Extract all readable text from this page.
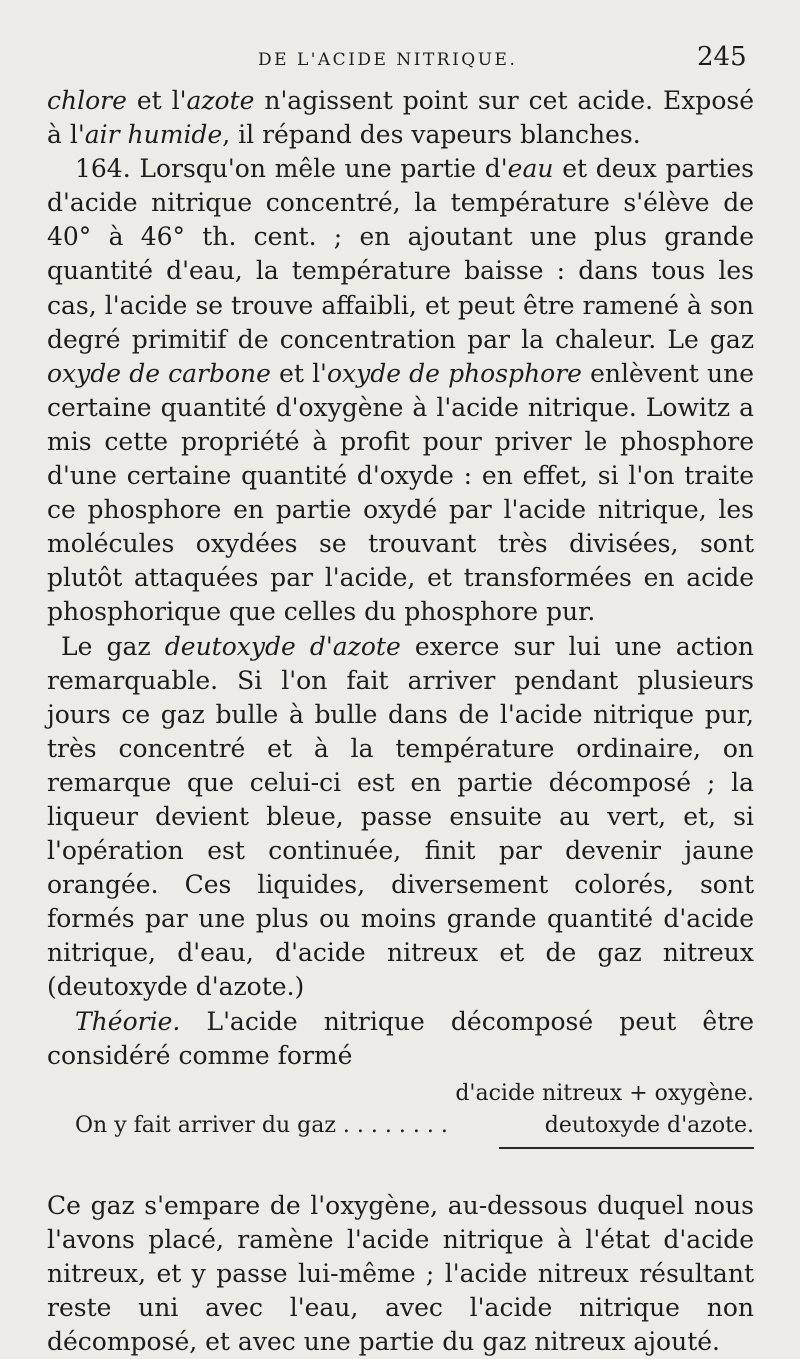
DE L'ACIDE NITRIQUE.	245

chlore et l'azote n'agissent point sur cet acide. Exposé à l'air humide, il répand des vapeurs blanches.

164. Lorsqu'on mêle une partie d'eau et deux parties d'acide nitrique concentré, la température s'élève de 40° à 46° th. cent. ; en ajoutant une plus grande quantité d'eau, la température baisse : dans tous les cas, l'acide se trouve affaibli, et peut être ramené à son degré primitif de concentration par la chaleur. Le gaz oxyde de carbone et l'oxyde de phosphore enlèvent une certaine quantité d'oxygène à l'acide nitrique. Lowitz a mis cette propriété à profit pour priver le phosphore d'une certaine quantité d'oxyde : en effet, si l'on traite ce phosphore en partie oxydé par l'acide nitrique, les molécules oxydées se trouvant très divisées, sont plutôt attaquées par l'acide, et transformées en acide phosphorique que celles du phosphore pur.

Le gaz deutoxyde d'azote exerce sur lui une action remarquable. Si l'on fait arriver pendant plusieurs jours ce gaz bulle à bulle dans de l'acide nitrique pur, très concentré et à la température ordinaire, on remarque que celui-ci est en partie décomposé ; la liqueur devient bleue, passe ensuite au vert, et, si l'opération est continuée, finit par devenir jaune orangée. Ces liquides, diversement colorés, sont formés par une plus ou moins grande quantité d'acide nitrique, d'eau, d'acide nitreux et de gaz nitreux (deutoxyde d'azote.)

Théorie. L'acide nitrique décomposé peut être considéré comme formé

d'acide nitreux + oxygène.
On y fait arriver du gaz . . . . . . . .	deutoxyde d'azote.

Ce gaz s'empare de l'oxygène, au-dessous duquel nous l'avons placé, ramène l'acide nitrique à l'état d'acide nitreux, et y passe lui-même ; l'acide nitreux résultant reste uni avec l'eau, avec l'acide nitrique non décomposé, et avec une partie du gaz nitreux ajouté.
